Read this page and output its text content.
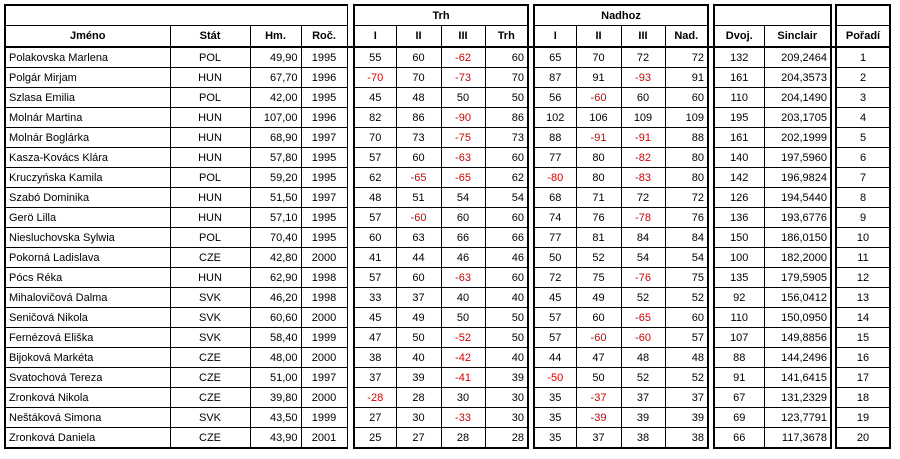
					Trh					Nadhoz								
Jméno	Stát	Hm.	Roč.		I	II	III	Trh		I	II	III	Nad.		Dvoj.	Sinclair		Pořadí
Polakovska Marlena	POL	49,90	1995		55	60	-62	60		65	70	72	72		132	209,2464		1
Polgár Mirjam	HUN	67,70	1996		-70	70	-73	70		87	91	-93	91		161	204,3573		2
Szlasa Emilia	POL	42,00	1995		45	48	50	50		56	-60	60	60		110	204,1490		3
Molnár Martina	HUN	107,00	1996		82	86	-90	86		102	106	109	109		195	203,1705		4
Molnár Boglárka	HUN	68,90	1997		70	73	-75	73		88	-91	-91	88		161	202,1999		5
Kasza-Kovács Klára	HUN	57,80	1995		57	60	-63	60		77	80	-82	80		140	197,5960		6
Kruczyńska Kamila	POL	59,20	1995		62	-65	-65	62		-80	80	-83	80		142	196,9824		7
Szabó Dominika	HUN	51,50	1997		48	51	54	54		68	71	72	72		126	194,5440		8
Gerö Lilla	HUN	57,10	1995		57	-60	60	60		74	76	-78	76		136	193,6776		9
Niesluchovska Sylwia	POL	70,40	1995		60	63	66	66		77	81	84	84		150	186,0150		10
Pokorná Ladislava	CZE	42,80	2000		41	44	46	46		50	52	54	54		100	182,2000		11
Pócs Réka	HUN	62,90	1998		57	60	-63	60		72	75	-76	75		135	179,5905		12
Mihalovičová Dalma	SVK	46,20	1998		33	37	40	40		45	49	52	52		92	156,0412		13
Seničová Nikola	SVK	60,60	2000		45	49	50	50		57	60	-65	60		110	150,0950		14
Fernézová Eliška	SVK	58,40	1999		47	50	-52	50		57	-60	-60	57		107	149,8856		15
Bijoková Markéta	CZE	48,00	2000		38	40	-42	40		44	47	48	48		88	144,2496		16
Svatochová Tereza	CZE	51,00	1997		37	39	-41	39		-50	50	52	52		91	141,6415		17
Zronková Nikola	CZE	39,80	2000		-28	28	30	30		35	-37	37	37		67	131,2329		18
Neštáková Simona	SVK	43,50	1999		27	30	-33	30		35	-39	39	39		69	123,7791		19
Zronková Daniela	CZE	43,90	2001		25	27	28	28		35	37	38	38		66	117,3678		20
